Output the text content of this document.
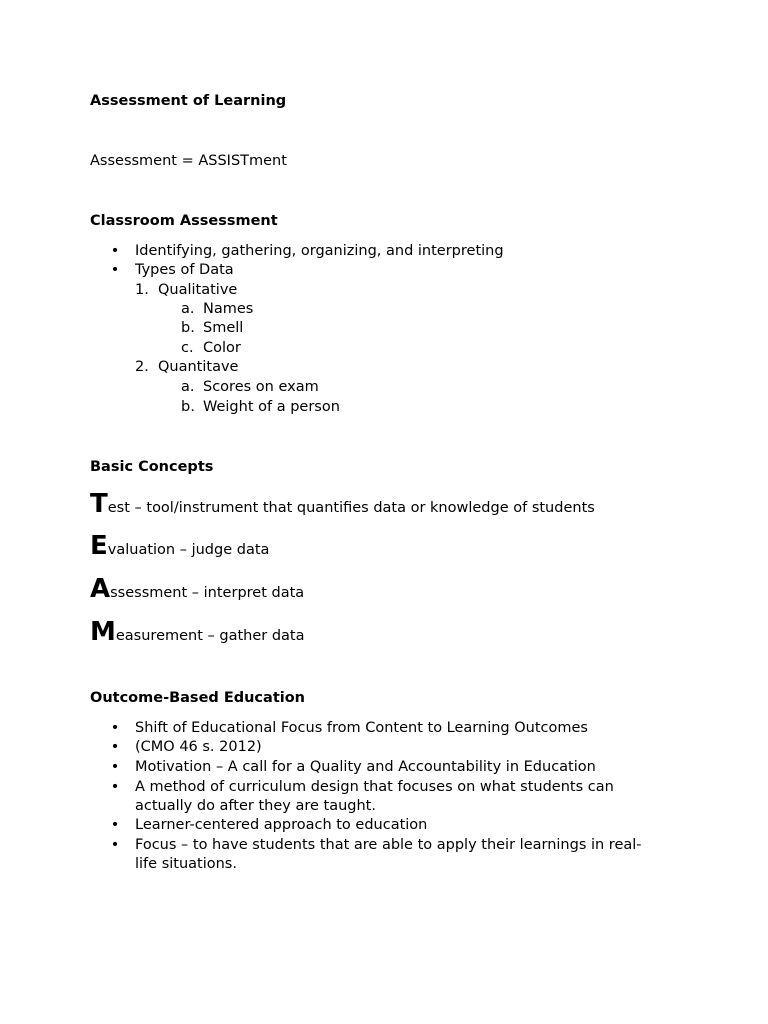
Assessment of Learning
Assessment = ASSISTment
Classroom Assessment
• Identifying, gathering, organizing, and interpreting
• Types of Data
1. Qualitative
a. Names
b. Smell
c. Color
2. Quantitave
a. Scores on exam
b. Weight of a person
Basic Concepts
Test – tool/instrument that quantifies data or knowledge of students
Evaluation – judge data
Assessment – interpret data
Measurement – gather data
Outcome-Based Education
• Shift of Educational Focus from Content to Learning Outcomes
• (CMO 46 s. 2012)
• Motivation – A call for a Quality and Accountability in Education
• A method of curriculum design that focuses on what students can
actually do after they are taught.
• Learner-centered approach to education
• Focus – to have students that are able to apply their learnings in real-
life situations.
